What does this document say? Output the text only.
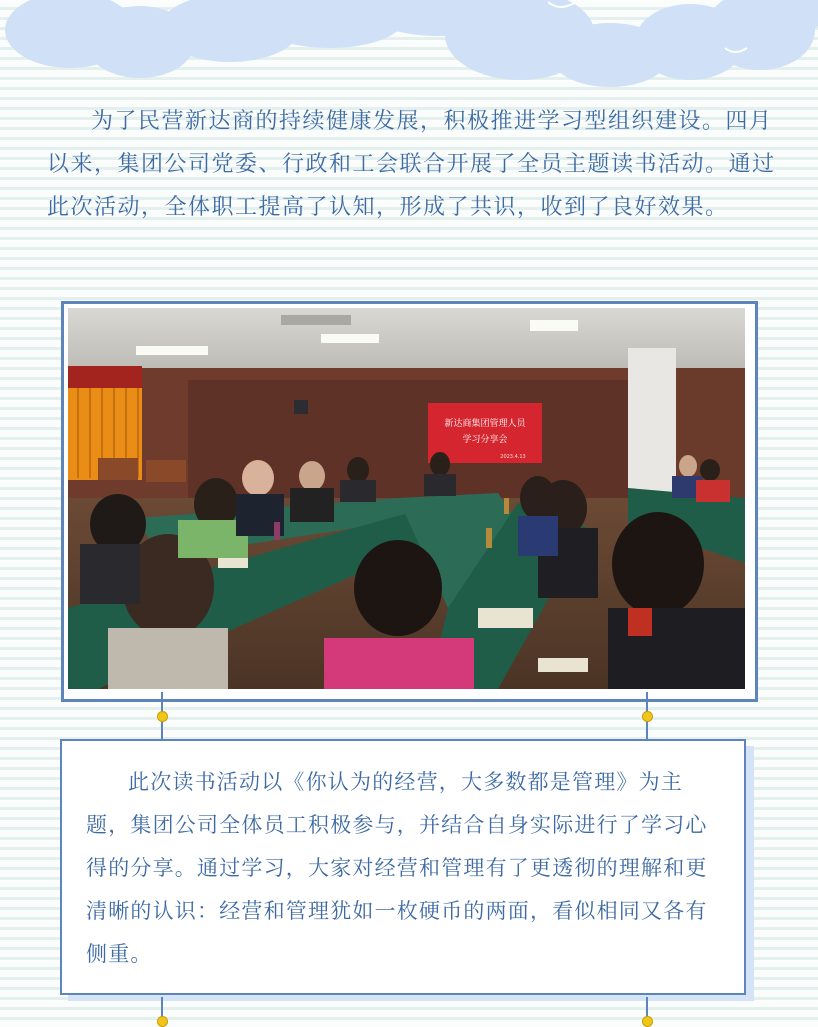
为了民营新达商的持续健康发展，积极推进学习型组织建设。四月以来，集团公司党委、行政和工会联合开展了全员主题读书活动。通过此次活动，全体职工提高了认知，形成了共识，收到了良好效果。

新达商集团管理人员
学习分享会
2023.4.13

此次读书活动以《你认为的经营，大多数都是管理》为主题，集团公司全体员工积极参与，并结合自身实际进行了学习心得的分享。通过学习，大家对经营和管理有了更透彻的理解和更清晰的认识：经营和管理犹如一枚硬币的两面，看似相同又各有侧重。
